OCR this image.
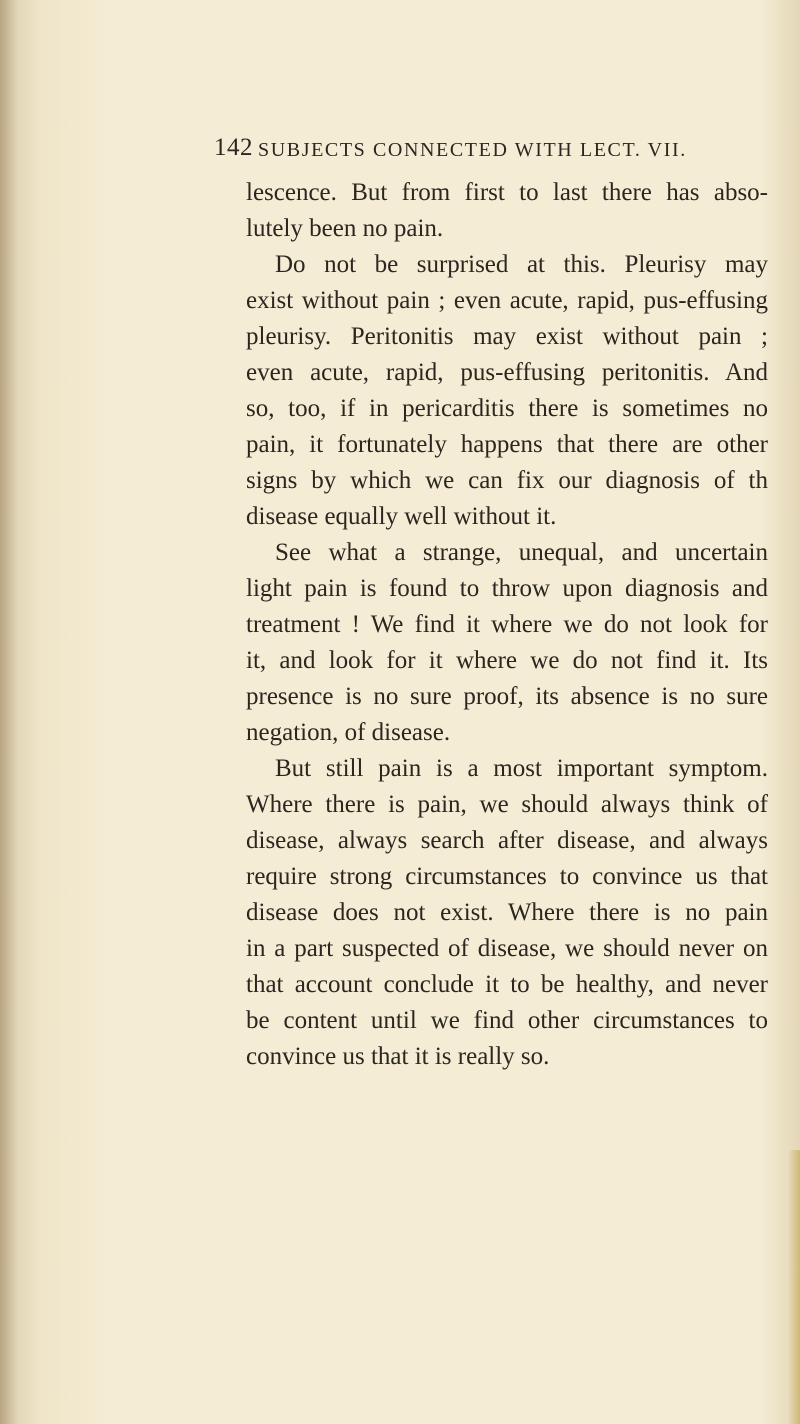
142 SUBJECTS CONNECTED WITH LECT. VII.
lescence. But from first to last there has abso-
lutely been no pain.
Do not be surprised at this. Pleurisy may
exist without pain ; even acute, rapid, pus-effusing
pleurisy. Peritonitis may exist without pain ;
even acute, rapid, pus-effusing peritonitis. And
so, too, if in pericarditis there is sometimes no
pain, it fortunately happens that there are other
signs by which we can fix our diagnosis of th
disease equally well without it.
See what a strange, unequal, and uncertain
light pain is found to throw upon diagnosis and
treatment ! We find it where we do not look for
it, and look for it where we do not find it. Its
presence is no sure proof, its absence is no sure
negation, of disease.
But still pain is a most important symptom.
Where there is pain, we should always think of
disease, always search after disease, and always
require strong circumstances to convince us that
disease does not exist. Where there is no pain
in a part suspected of disease, we should never on
that account conclude it to be healthy, and never
be content until we find other circumstances to
convince us that it is really so.
